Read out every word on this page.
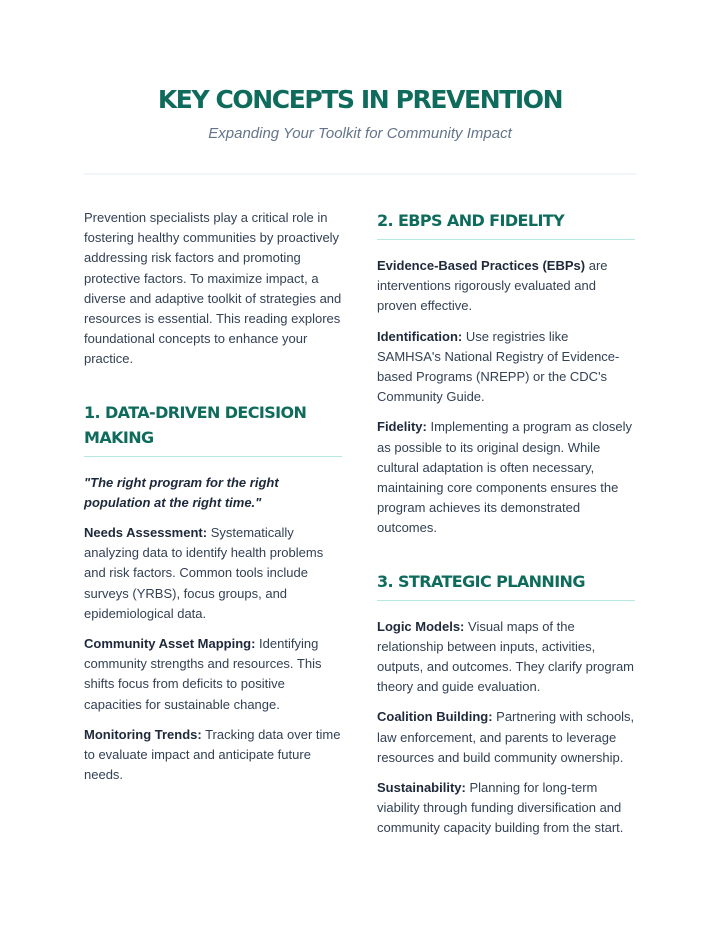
KEY CONCEPTS IN PREVENTION

Expanding Your Toolkit for Community Impact

Prevention specialists play a critical role in fostering healthy communities by proactively addressing risk factors and promoting protective factors. To maximize impact, a diverse and adaptive toolkit of strategies and resources is essential. This reading explores foundational concepts to enhance your practice.

1. DATA-DRIVEN DECISION MAKING

"The right program for the right population at the right time."

Needs Assessment: Systematically analyzing data to identify health problems and risk factors. Common tools include surveys (YRBS), focus groups, and epidemiological data.

Community Asset Mapping: Identifying community strengths and resources. This shifts focus from deficits to positive capacities for sustainable change.

Monitoring Trends: Tracking data over time to evaluate impact and anticipate future needs.

2. EBPS AND FIDELITY

Evidence-Based Practices (EBPs) are interventions rigorously evaluated and proven effective.

Identification: Use registries like SAMHSA's National Registry of Evidence-based Programs (NREPP) or the CDC's Community Guide.

Fidelity: Implementing a program as closely as possible to its original design. While cultural adaptation is often necessary, maintaining core components ensures the program achieves its demonstrated outcomes.

3. STRATEGIC PLANNING

Logic Models: Visual maps of the relationship between inputs, activities, outputs, and outcomes. They clarify program theory and guide evaluation.

Coalition Building: Partnering with schools, law enforcement, and parents to leverage resources and build community ownership.

Sustainability: Planning for long-term viability through funding diversification and community capacity building from the start.
